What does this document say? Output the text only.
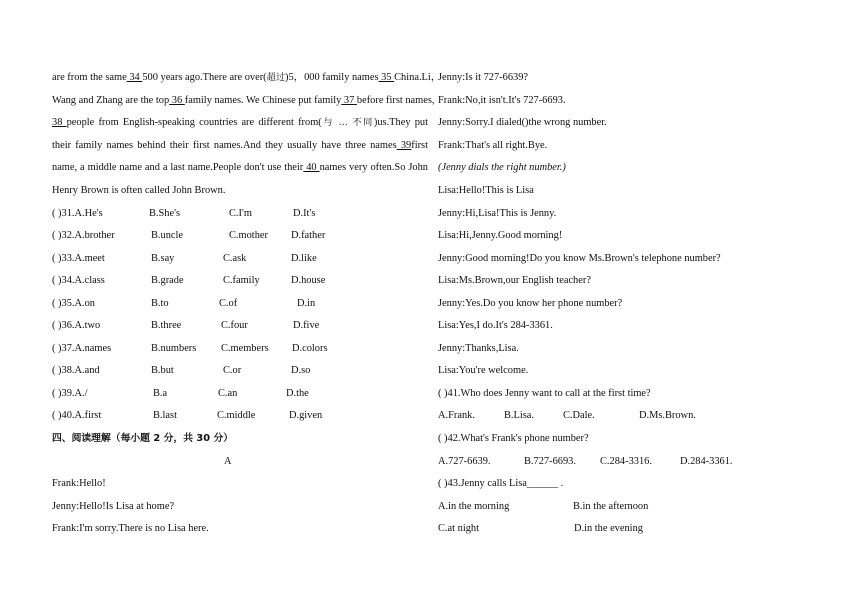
are from the same 34 500 years ago.There are over(超过)5，000 family names 35 China.Li，
Wang and Zhang are the top 36 family names. We Chinese put family 37 before first names,
38 people from English-speaking countries are different from(与 … 不同)us.They put
their family names behind their first names.And they usually have three names 39first
name, a middle name and a last name.People don't use their 40 names very often.So John
Henry Brown is often called John Brown.
( )31.A.He's	B.She's	C.I'm	D.It's
( )32.A.brother	B.uncle	C.mother D.father
( )33.A.meet	B.say	C.ask	D.like
( )34.A.class	B.grade	C.family	D.house
( )35.A.on	B.to	C.of	D.in
( )36.A.two	B.three	C.four	D.five
( )37.A.names	B.numbers C.members D.colors
( )38.A.and	B.but	C.or	D.so
( )39.A./	B.a	C.an	D.the
( )40.A.first	B.last	C.middle	D.given
四、阅读理解（每小题 2 分，共 30 分）
A
Frank:Hello!
Jenny:Hello!Is Lisa at home?
Frank:I'm sorry.There is no Lisa here.
Jenny:Is it 727-6639?
Frank:No,it isn't.It's 727-6693.
Jenny:Sorry.I dialed()the wrong number.
Frank:That's all right.Bye.
(Jenny dials the right number.)
Lisa:Hello!This is Lisa
Jenny:Hi,Lisa!This is Jenny.
Lisa:Hi,Jenny.Good morning!
Jenny:Good morning!Do you know Ms.Brown's telephone number?
Lisa:Ms.Brown,our English teacher?
Jenny:Yes.Do you know her phone number?
Lisa:Yes,I do.It's 284-3361.
Jenny:Thanks,Lisa.
Lisa:You're welcome.
( )41.Who does Jenny want to call at the first time?
A.Frank.	B.Lisa.	C.Dale.	D.Ms.Brown.
( )42.What's Frank's phone number?
A.727-6639.	B.727-6693. C.284-3316.	D.284-3361.
( )43.Jenny calls Lisa______ .
A.in the morning	B.in the afternoon
C.at night	D.in the evening
